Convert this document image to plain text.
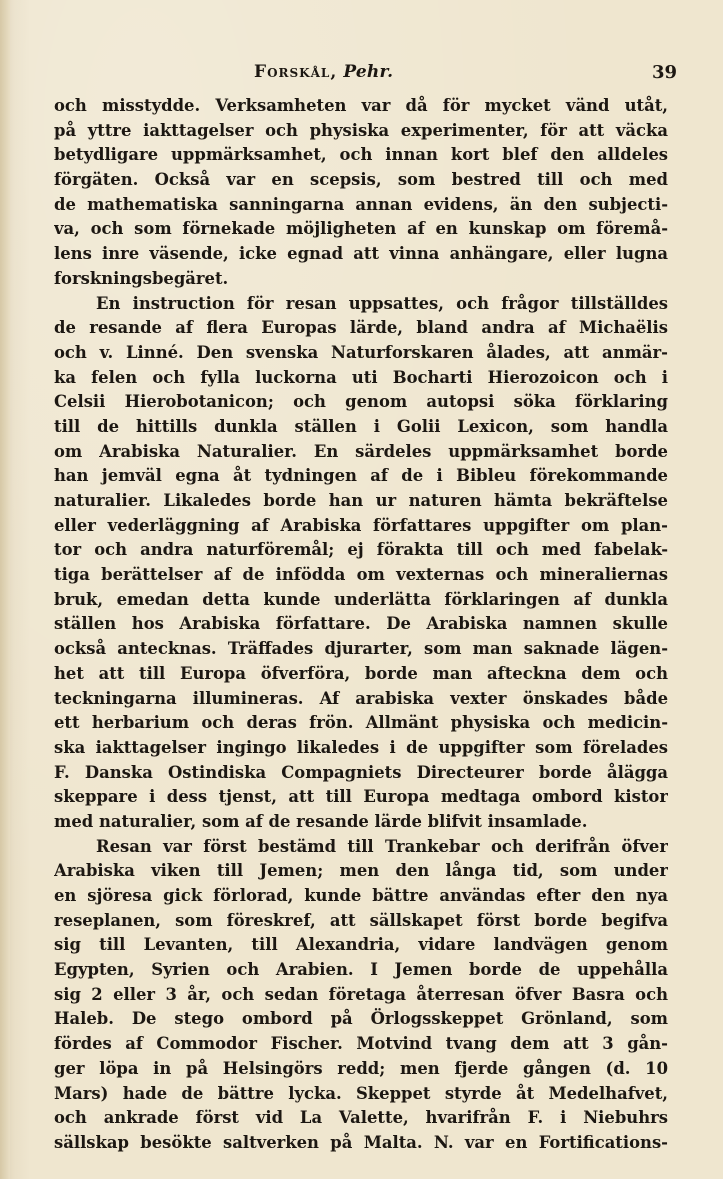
Forskål, Pehr.	39
och misstydde. Verksamheten var då för mycket vänd utåt,
på yttre iakttagelser och physiska experimenter, för att väcka
betydligare uppmärksamhet, och innan kort blef den alldeles
förgäten. Också var en scepsis, som bestred till och med
de mathematiska sanningarna annan evidens, än den subjecti-
va, och som förnekade möjligheten af en kunskap om föremå-
lens inre väsende, icke egnad att vinna anhängare, eller lugna
forskningsbegäret.
En instruction för resan uppsattes, och frågor tillställdes
de resande af flera Europas lärde, bland andra af Michaëlis
och v. Linné. Den svenska Naturforskaren ålades, att anmär-
ka felen och fylla luckorna uti Bocharti Hierozoicon och i
Celsii Hierobotanicon; och genom autopsi söka förklaring
till de hittills dunkla ställen i Golii Lexicon, som handla
om Arabiska Naturalier. En särdeles uppmärksamhet borde
han jemväl egna åt tydningen af de i Bibleu förekommande
naturalier. Likaledes borde han ur naturen hämta bekräftelse
eller vederläggning af Arabiska författares uppgifter om plan-
tor och andra naturföremål; ej förakta till och med fabelak-
tiga berättelser af de infödda om vexternas och mineraliernas
bruk, emedan detta kunde underlätta förklaringen af dunkla
ställen hos Arabiska författare. De Arabiska namnen skulle
också antecknas. Träffades djurarter, som man saknade lägen-
het att till Europa öfverföra, borde man afteckna dem och
teckningarna illumineras. Af arabiska vexter önskades både
ett herbarium och deras frön. Allmänt physiska och medicin-
ska iakttagelser ingingo likaledes i de uppgifter som förelades
F. Danska Ostindiska Compagniets Directeurer borde ålägga
skeppare i dess tjenst, att till Europa medtaga ombord kistor
med naturalier, som af de resande lärde blifvit insamlade.
Resan var först bestämd till Trankebar och derifrån öfver
Arabiska viken till Jemen; men den långa tid, som under
en sjöresa gick förlorad, kunde bättre användas efter den nya
reseplanen, som föreskref, att sällskapet först borde begifva
sig till Levanten, till Alexandria, vidare landvägen genom
Egypten, Syrien och Arabien. I Jemen borde de uppehålla
sig 2 eller 3 år, och sedan företaga återresan öfver Basra och
Haleb. De stego ombord på Örlogsskeppet Grönland, som
fördes af Commodor Fischer. Motvind tvang dem att 3 gån-
ger löpa in på Helsingörs redd; men fjerde gången (d. 10
Mars) hade de bättre lycka. Skeppet styrde åt Medelhafvet,
och ankrade först vid La Valette, hvarifrån F. i Niebuhrs
sällskap besökte saltverken på Malta. N. var en Fortifications-
